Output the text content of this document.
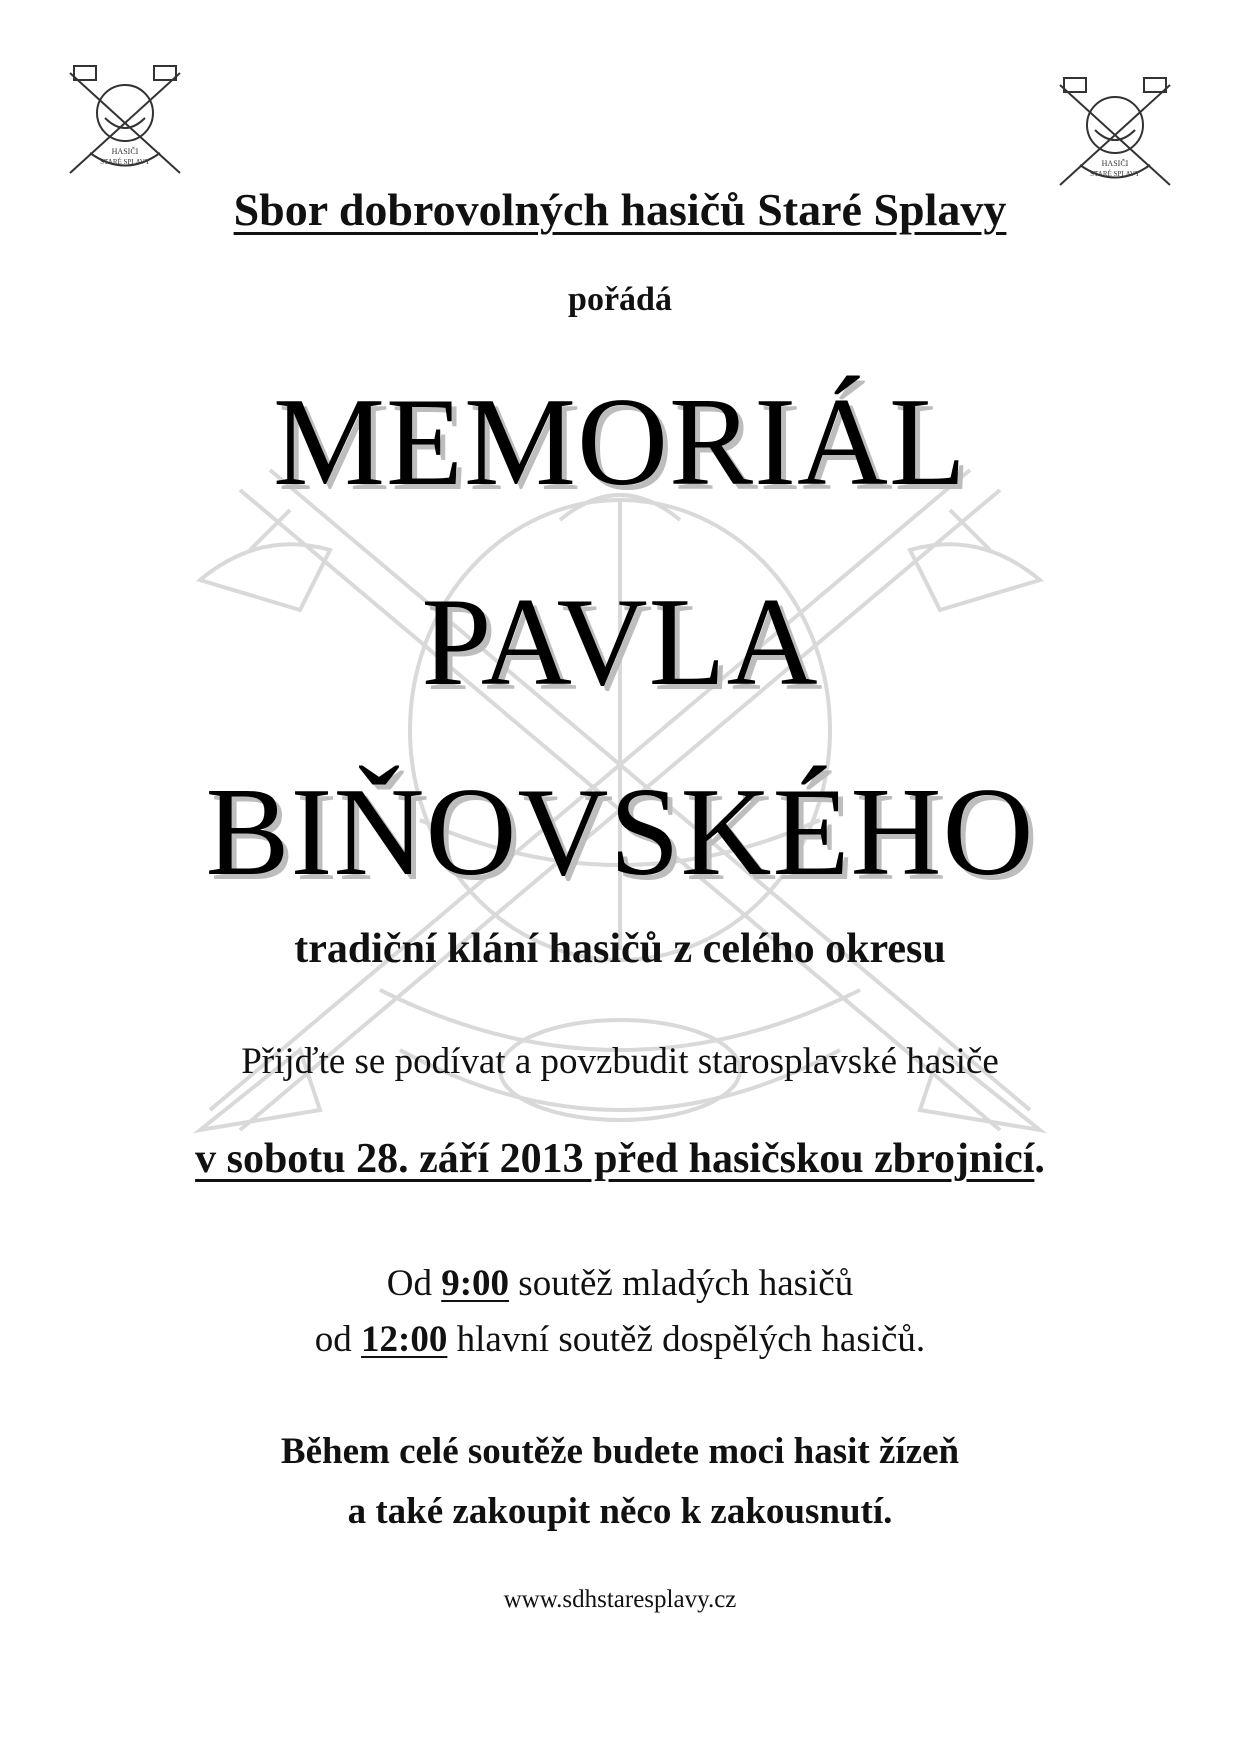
HASIČI
STARÉ SPLAVY	HASIČI
STARÉ SPLAVY
Sbor dobrovolných hasičů Staré Splavy
pořádá
MEMORIÁL
PAVLA
BIŇOVSKÉHO
tradiční klání hasičů z celého okresu
Přijďte se podívat a povzbudit starosplavské hasiče
v sobotu 28. září 2013 před hasičskou zbrojnicí.
Od 9:00 soutěž mladých hasičů
od 12:00 hlavní soutěž dospělých hasičů.
Během celé soutěže budete moci hasit žízeň
a také zakoupit něco k zakousnutí.
www.sdhstaresplavy.cz
